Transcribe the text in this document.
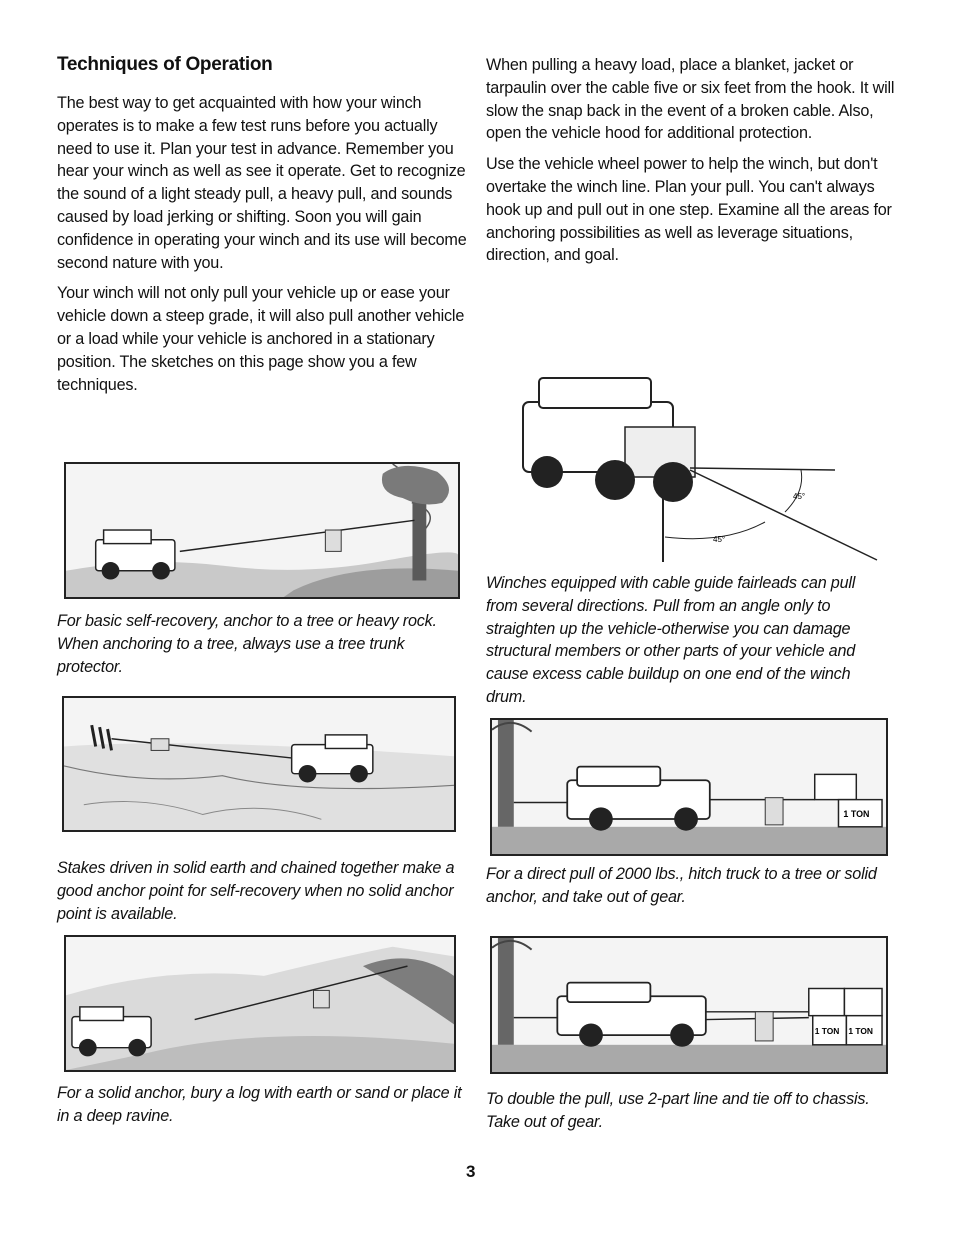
Techniques of Operation

The best way to get acquainted with how your winch operates is to make a few test runs before you actually need to use it. Plan your test in advance. Remember you hear your winch as well as see it operate. Get to recognize the sound of a light steady pull, a heavy pull, and sounds caused by load jerking or shifting. Soon you will gain confidence in operating your winch and its use will become second nature with you.

Your winch will not only pull your vehicle up or ease your vehicle down a steep grade, it will also pull another vehicle or a load while your vehicle is anchored in a stationary position. The sketches on this page show you a few techniques.

When pulling a heavy load, place a blanket, jacket or tarpaulin over the cable five or six feet from the hook. It will slow the snap back in the event of a broken cable. Also, open the vehicle hood for additional protection.

Use the vehicle wheel power to help the winch, but don't overtake the winch line. Plan your pull. You can't always hook up and pull out in one step. Examine all the areas for anchoring possibilities as well as leverage situations, direction, and goal.

For basic self-recovery, anchor to a tree or heavy rock. When anchoring to a tree, always use a tree trunk protector.
Stakes driven in solid earth and chained together make a good anchor point for self-recovery when no solid anchor point is available.
For a solid anchor, bury a log with earth or sand or place it in a deep ravine.
45°
45°
Winches equipped with cable guide fairleads can pull from several directions. Pull from an angle only to straighten up the vehicle-otherwise you can damage structural members or other parts of your vehicle and cause excess cable buildup on one end of the winch drum.
1 TON
For a direct pull of 2000 lbs., hitch truck to a tree or solid anchor, and take out of gear.
1 TON 1 TON
To double the pull, use 2-part line and tie off to chassis. Take out of gear.
3
